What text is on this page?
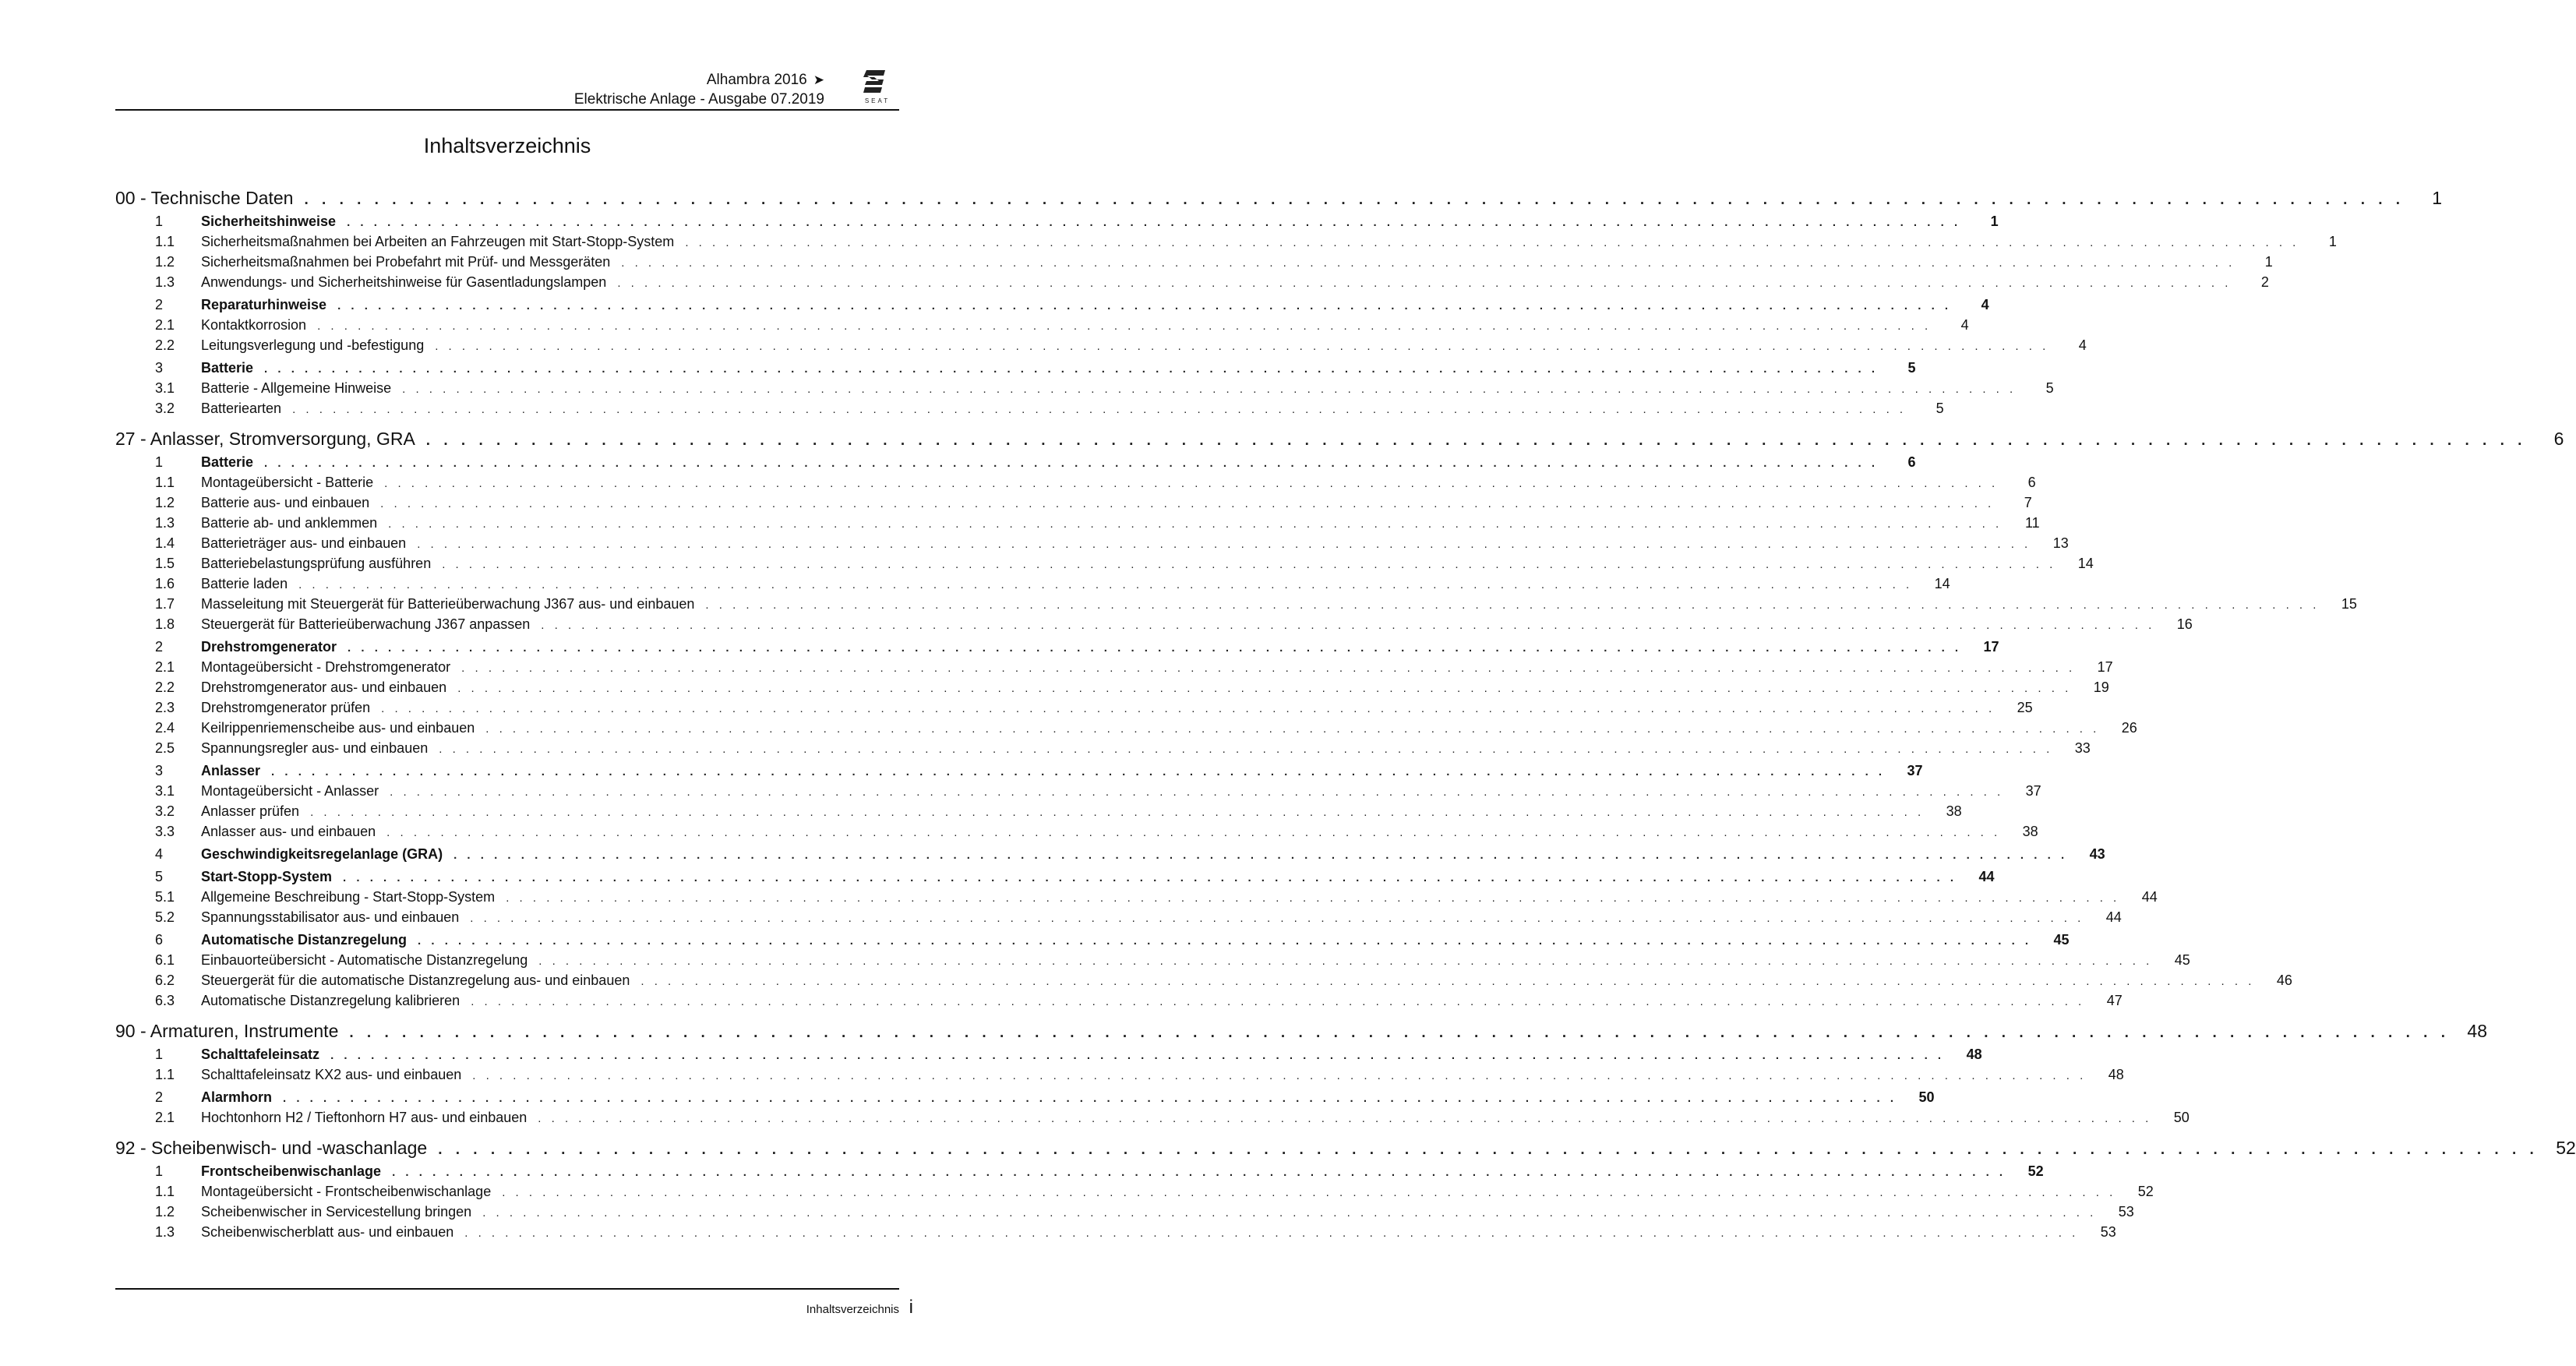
Alhambra 2016 ➤
Elektrische Anlage - Ausgabe 07.2019	SEAT
Inhaltsverzeichnis
00 - Technische Daten . . . . . . . . . . . . . . . . . . . . . . . . . . . . . . . . . . . . . . . . . . . . . . . . . . . . . . . . . . . . . . . . . . . . . . . . . . . . . . . . . . . . . . . . . . . . . . . . . . . . . . . . . . . . . . . . . . . . . . . .	1
1	Sicherheitshinweise . . . . . . . . . . . . . . . . . . . . . . . . . . . . . . . . . . . . . . . . . . . . . . . . . . . . . . . . . . . . . . . . . . . . . . . . . . . . . . . . . . . . . . . . . . . . . . . . . . . . . . . . . . . . . . . . . . . . . . . .	1
1.1	Sicherheitsmaßnahmen bei Arbeiten an Fahrzeugen mit Start-Stopp-System . . . . . . . . . . . . . . . . . . . . . . . . . . . . . . . . . . . . . . . . . . . . . . . . . . . . . . . . . . . . . . . . . . . . . . . . . . . . . . . . . . . . . . . . . . . . . . . . . . . . . . . . . . . . . . . . . . . . . . . .	1
1.2	Sicherheitsmaßnahmen bei Probefahrt mit Prüf- und Messgeräten . . . . . . . . . . . . . . . . . . . . . . . . . . . . . . . . . . . . . . . . . . . . . . . . . . . . . . . . . . . . . . . . . . . . . . . . . . . . . . . . . . . . . . . . . . . . . . . . . . . . . . . . . . . . . . . . . . . . . . . .	1
1.3	Anwendungs- und Sicherheitshinweise für Gasentladungslampen . . . . . . . . . . . . . . . . . . . . . . . . . . . . . . . . . . . . . . . . . . . . . . . . . . . . . . . . . . . . . . . . . . . . . . . . . . . . . . . . . . . . . . . . . . . . . . . . . . . . . . . . . . . . . . . . . . . . . . . .	2
2	Reparaturhinweise . . . . . . . . . . . . . . . . . . . . . . . . . . . . . . . . . . . . . . . . . . . . . . . . . . . . . . . . . . . . . . . . . . . . . . . . . . . . . . . . . . . . . . . . . . . . . . . . . . . . . . . . . . . . . . . . . . . . . . . .	4
2.1	Kontaktkorrosion . . . . . . . . . . . . . . . . . . . . . . . . . . . . . . . . . . . . . . . . . . . . . . . . . . . . . . . . . . . . . . . . . . . . . . . . . . . . . . . . . . . . . . . . . . . . . . . . . . . . . . . . . . . . . . . . . . . . . . . .	4
2.2	Leitungsverlegung und -befestigung . . . . . . . . . . . . . . . . . . . . . . . . . . . . . . . . . . . . . . . . . . . . . . . . . . . . . . . . . . . . . . . . . . . . . . . . . . . . . . . . . . . . . . . . . . . . . . . . . . . . . . . . . . . . . . . . . . . . . . . .	4
3	Batterie . . . . . . . . . . . . . . . . . . . . . . . . . . . . . . . . . . . . . . . . . . . . . . . . . . . . . . . . . . . . . . . . . . . . . . . . . . . . . . . . . . . . . . . . . . . . . . . . . . . . . . . . . . . . . . . . . . . . . . . .	5
3.1	Batterie - Allgemeine Hinweise . . . . . . . . . . . . . . . . . . . . . . . . . . . . . . . . . . . . . . . . . . . . . . . . . . . . . . . . . . . . . . . . . . . . . . . . . . . . . . . . . . . . . . . . . . . . . . . . . . . . . . . . . . . . . . . . . . . . . . . .	5
3.2	Batteriearten . . . . . . . . . . . . . . . . . . . . . . . . . . . . . . . . . . . . . . . . . . . . . . . . . . . . . . . . . . . . . . . . . . . . . . . . . . . . . . . . . . . . . . . . . . . . . . . . . . . . . . . . . . . . . . . . . . . . . . . .	5
27 - Anlasser, Stromversorgung, GRA . . . . . . . . . . . . . . . . . . . . . . . . . . . . . . . . . . . . . . . . . . . . . . . . . . . . . . . . . . . . . . . . . . . . . . . . . . . . . . . . . . . . . . . . . . . . . . . . . . . . . . . . . . . . . . . . . . . . . . . .	6
1	Batterie . . . . . . . . . . . . . . . . . . . . . . . . . . . . . . . . . . . . . . . . . . . . . . . . . . . . . . . . . . . . . . . . . . . . . . . . . . . . . . . . . . . . . . . . . . . . . . . . . . . . . . . . . . . . . . . . . . . . . . . .	6
1.1	Montageübersicht - Batterie . . . . . . . . . . . . . . . . . . . . . . . . . . . . . . . . . . . . . . . . . . . . . . . . . . . . . . . . . . . . . . . . . . . . . . . . . . . . . . . . . . . . . . . . . . . . . . . . . . . . . . . . . . . . . . . . . . . . . . . .	6
1.2	Batterie aus- und einbauen . . . . . . . . . . . . . . . . . . . . . . . . . . . . . . . . . . . . . . . . . . . . . . . . . . . . . . . . . . . . . . . . . . . . . . . . . . . . . . . . . . . . . . . . . . . . . . . . . . . . . . . . . . . . . . . . . . . . . . . .	7
1.3	Batterie ab- und anklemmen . . . . . . . . . . . . . . . . . . . . . . . . . . . . . . . . . . . . . . . . . . . . . . . . . . . . . . . . . . . . . . . . . . . . . . . . . . . . . . . . . . . . . . . . . . . . . . . . . . . . . . . . . . . . . . . . . . . . . . . .	11
1.4	Batterieträger aus- und einbauen . . . . . . . . . . . . . . . . . . . . . . . . . . . . . . . . . . . . . . . . . . . . . . . . . . . . . . . . . . . . . . . . . . . . . . . . . . . . . . . . . . . . . . . . . . . . . . . . . . . . . . . . . . . . . . . . . . . . . . . .	13
1.5	Batteriebelastungsprüfung ausführen . . . . . . . . . . . . . . . . . . . . . . . . . . . . . . . . . . . . . . . . . . . . . . . . . . . . . . . . . . . . . . . . . . . . . . . . . . . . . . . . . . . . . . . . . . . . . . . . . . . . . . . . . . . . . . . . . . . . . . . .	14
1.6	Batterie laden . . . . . . . . . . . . . . . . . . . . . . . . . . . . . . . . . . . . . . . . . . . . . . . . . . . . . . . . . . . . . . . . . . . . . . . . . . . . . . . . . . . . . . . . . . . . . . . . . . . . . . . . . . . . . . . . . . . . . . . .	14
1.7	Masseleitung mit Steuergerät für Batterieüberwachung J367 aus- und einbauen . . . . . . . . . . . . . . . . . . . . . . . . . . . . . . . . . . . . . . . . . . . . . . . . . . . . . . . . . . . . . . . . . . . . . . . . . . . . . . . . . . . . . . . . . . . . . . . . . . . . . . . . . . . . . . . . . . . . . . . .	15
1.8	Steuergerät für Batterieüberwachung J367 anpassen . . . . . . . . . . . . . . . . . . . . . . . . . . . . . . . . . . . . . . . . . . . . . . . . . . . . . . . . . . . . . . . . . . . . . . . . . . . . . . . . . . . . . . . . . . . . . . . . . . . . . . . . . . . . . . . . . . . . . . . .	16
2	Drehstromgenerator . . . . . . . . . . . . . . . . . . . . . . . . . . . . . . . . . . . . . . . . . . . . . . . . . . . . . . . . . . . . . . . . . . . . . . . . . . . . . . . . . . . . . . . . . . . . . . . . . . . . . . . . . . . . . . . . . . . . . . . .	17
2.1	Montageübersicht - Drehstromgenerator . . . . . . . . . . . . . . . . . . . . . . . . . . . . . . . . . . . . . . . . . . . . . . . . . . . . . . . . . . . . . . . . . . . . . . . . . . . . . . . . . . . . . . . . . . . . . . . . . . . . . . . . . . . . . . . . . . . . . . . .	17
2.2	Drehstromgenerator aus- und einbauen . . . . . . . . . . . . . . . . . . . . . . . . . . . . . . . . . . . . . . . . . . . . . . . . . . . . . . . . . . . . . . . . . . . . . . . . . . . . . . . . . . . . . . . . . . . . . . . . . . . . . . . . . . . . . . . . . . . . . . . .	19
2.3	Drehstromgenerator prüfen . . . . . . . . . . . . . . . . . . . . . . . . . . . . . . . . . . . . . . . . . . . . . . . . . . . . . . . . . . . . . . . . . . . . . . . . . . . . . . . . . . . . . . . . . . . . . . . . . . . . . . . . . . . . . . . . . . . . . . . .	25
2.4	Keilrippenriemenscheibe aus- und einbauen . . . . . . . . . . . . . . . . . . . . . . . . . . . . . . . . . . . . . . . . . . . . . . . . . . . . . . . . . . . . . . . . . . . . . . . . . . . . . . . . . . . . . . . . . . . . . . . . . . . . . . . . . . . . . . . . . . . . . . . .	26
2.5	Spannungsregler aus- und einbauen . . . . . . . . . . . . . . . . . . . . . . . . . . . . . . . . . . . . . . . . . . . . . . . . . . . . . . . . . . . . . . . . . . . . . . . . . . . . . . . . . . . . . . . . . . . . . . . . . . . . . . . . . . . . . . . . . . . . . . . .	33
3	Anlasser . . . . . . . . . . . . . . . . . . . . . . . . . . . . . . . . . . . . . . . . . . . . . . . . . . . . . . . . . . . . . . . . . . . . . . . . . . . . . . . . . . . . . . . . . . . . . . . . . . . . . . . . . . . . . . . . . . . . . . . .	37
3.1	Montageübersicht - Anlasser . . . . . . . . . . . . . . . . . . . . . . . . . . . . . . . . . . . . . . . . . . . . . . . . . . . . . . . . . . . . . . . . . . . . . . . . . . . . . . . . . . . . . . . . . . . . . . . . . . . . . . . . . . . . . . . . . . . . . . . .	37
3.2	Anlasser prüfen . . . . . . . . . . . . . . . . . . . . . . . . . . . . . . . . . . . . . . . . . . . . . . . . . . . . . . . . . . . . . . . . . . . . . . . . . . . . . . . . . . . . . . . . . . . . . . . . . . . . . . . . . . . . . . . . . . . . . . . .	38
3.3	Anlasser aus- und einbauen . . . . . . . . . . . . . . . . . . . . . . . . . . . . . . . . . . . . . . . . . . . . . . . . . . . . . . . . . . . . . . . . . . . . . . . . . . . . . . . . . . . . . . . . . . . . . . . . . . . . . . . . . . . . . . . . . . . . . . . .	38
4	Geschwindigkeitsregelanlage (GRA) . . . . . . . . . . . . . . . . . . . . . . . . . . . . . . . . . . . . . . . . . . . . . . . . . . . . . . . . . . . . . . . . . . . . . . . . . . . . . . . . . . . . . . . . . . . . . . . . . . . . . . . . . . . . . . . . . . . . . . . .	43
5	Start-Stopp-System . . . . . . . . . . . . . . . . . . . . . . . . . . . . . . . . . . . . . . . . . . . . . . . . . . . . . . . . . . . . . . . . . . . . . . . . . . . . . . . . . . . . . . . . . . . . . . . . . . . . . . . . . . . . . . . . . . . . . . . .	44
5.1	Allgemeine Beschreibung - Start-Stopp-System . . . . . . . . . . . . . . . . . . . . . . . . . . . . . . . . . . . . . . . . . . . . . . . . . . . . . . . . . . . . . . . . . . . . . . . . . . . . . . . . . . . . . . . . . . . . . . . . . . . . . . . . . . . . . . . . . . . . . . . .	44
5.2	Spannungsstabilisator aus- und einbauen . . . . . . . . . . . . . . . . . . . . . . . . . . . . . . . . . . . . . . . . . . . . . . . . . . . . . . . . . . . . . . . . . . . . . . . . . . . . . . . . . . . . . . . . . . . . . . . . . . . . . . . . . . . . . . . . . . . . . . . .	44
6	Automatische Distanzregelung . . . . . . . . . . . . . . . . . . . . . . . . . . . . . . . . . . . . . . . . . . . . . . . . . . . . . . . . . . . . . . . . . . . . . . . . . . . . . . . . . . . . . . . . . . . . . . . . . . . . . . . . . . . . . . . . . . . . . . . .	45
6.1	Einbauortеübersicht - Automatische Distanzregelung . . . . . . . . . . . . . . . . . . . . . . . . . . . . . . . . . . . . . . . . . . . . . . . . . . . . . . . . . . . . . . . . . . . . . . . . . . . . . . . . . . . . . . . . . . . . . . . . . . . . . . . . . . . . . . . . . . . . . . . .	45
6.2	Steuergerät für die automatische Distanzregelung aus- und einbauen . . . . . . . . . . . . . . . . . . . . . . . . . . . . . . . . . . . . . . . . . . . . . . . . . . . . . . . . . . . . . . . . . . . . . . . . . . . . . . . . . . . . . . . . . . . . . . . . . . . . . . . . . . . . . . . . . . . . . . . .	46
6.3	Automatische Distanzregelung kalibrieren . . . . . . . . . . . . . . . . . . . . . . . . . . . . . . . . . . . . . . . . . . . . . . . . . . . . . . . . . . . . . . . . . . . . . . . . . . . . . . . . . . . . . . . . . . . . . . . . . . . . . . . . . . . . . . . . . . . . . . . .	47
90 - Armaturen, Instrumente . . . . . . . . . . . . . . . . . . . . . . . . . . . . . . . . . . . . . . . . . . . . . . . . . . . . . . . . . . . . . . . . . . . . . . . . . . . . . . . . . . . . . . . . . . . . . . . . . . . . . . . . . . . . . . . . . . . . . . . . 48
1	Schalttafeleinsatz . . . . . . . . . . . . . . . . . . . . . . . . . . . . . . . . . . . . . . . . . . . . . . . . . . . . . . . . . . . . . . . . . . . . . . . . . . . . . . . . . . . . . . . . . . . . . . . . . . . . . . . . . . . . . . . . . . . . . . . .	48
1.1	Schalttafeleinsatz KX2 aus- und einbauen . . . . . . . . . . . . . . . . . . . . . . . . . . . . . . . . . . . . . . . . . . . . . . . . . . . . . . . . . . . . . . . . . . . . . . . . . . . . . . . . . . . . . . . . . . . . . . . . . . . . . . . . . . . . . . . . . . . . . . . .	48
2	Alarmhorn . . . . . . . . . . . . . . . . . . . . . . . . . . . . . . . . . . . . . . . . . . . . . . . . . . . . . . . . . . . . . . . . . . . . . . . . . . . . . . . . . . . . . . . . . . . . . . . . . . . . . . . . . . . . . . . . . . . . . . . .	50
2.1	Hochtonhorn H2 / Tieftonhorn H7 aus- und einbauen . . . . . . . . . . . . . . . . . . . . . . . . . . . . . . . . . . . . . . . . . . . . . . . . . . . . . . . . . . . . . . . . . . . . . . . . . . . . . . . . . . . . . . . . . . . . . . . . . . . . . . . . . . . . . . . . . . . . . . . .	50
92 - Scheibenwisch- und -waschanlage . . . . . . . . . . . . . . . . . . . . . . . . . . . . . . . . . . . . . . . . . . . . . . . . . . . . . . . . . . . . . . . . . . . . . . . . . . . . . . . . . . . . . . . . . . . . . . . . . . . . . . . . . . . . . . . . . . . . . . . . 52
1	Frontscheibenwischanlage . . . . . . . . . . . . . . . . . . . . . . . . . . . . . . . . . . . . . . . . . . . . . . . . . . . . . . . . . . . . . . . . . . . . . . . . . . . . . . . . . . . . . . . . . . . . . . . . . . . . . . . . . . . . . . . . . . . . . . . .	52
1.1	Montageübersicht - Frontscheibenwischanlage . . . . . . . . . . . . . . . . . . . . . . . . . . . . . . . . . . . . . . . . . . . . . . . . . . . . . . . . . . . . . . . . . . . . . . . . . . . . . . . . . . . . . . . . . . . . . . . . . . . . . . . . . . . . . . . . . . . . . . . .	52
1.2	Scheibenwischer in Servicestellung bringen . . . . . . . . . . . . . . . . . . . . . . . . . . . . . . . . . . . . . . . . . . . . . . . . . . . . . . . . . . . . . . . . . . . . . . . . . . . . . . . . . . . . . . . . . . . . . . . . . . . . . . . . . . . . . . . . . . . . . . . .	53
1.3	Scheibenwischerblatt aus- und einbauen . . . . . . . . . . . . . . . . . . . . . . . . . . . . . . . . . . . . . . . . . . . . . . . . . . . . . . . . . . . . . . . . . . . . . . . . . . . . . . . . . . . . . . . . . . . . . . . . . . . . . . . . . . . . . . . . . . . . . . . .	53
Inhaltsverzeichnis i
